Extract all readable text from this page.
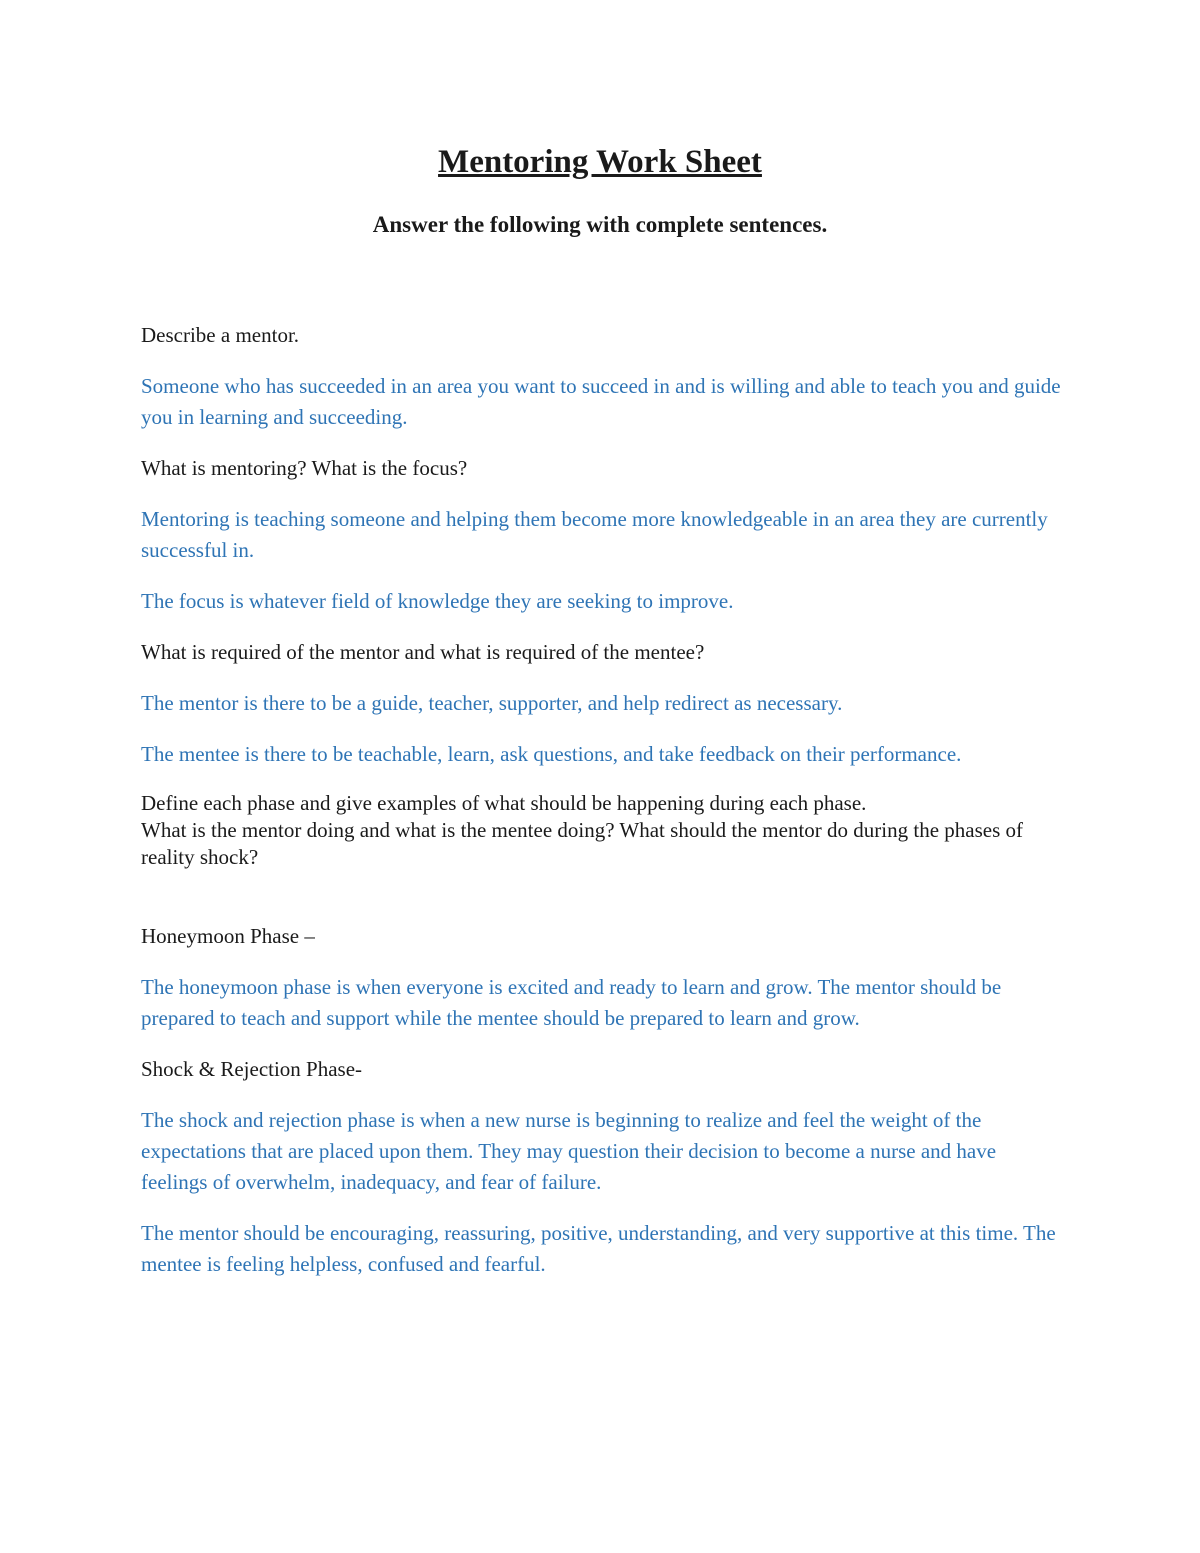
Mentoring Work Sheet
Answer the following with complete sentences.

Describe a mentor.

Someone who has succeeded in an area you want to succeed in and is willing and able to teach you and guide you in learning and succeeding.

What is mentoring? What is the focus?

Mentoring is teaching someone and helping them become more knowledgeable in an area they are currently successful in.

The focus is whatever field of knowledge they are seeking to improve.

What is required of the mentor and what is required of the mentee?

The mentor is there to be a guide, teacher, supporter, and help redirect as necessary.

The mentee is there to be teachable, learn, ask questions, and take feedback on their performance.

Define each phase and give examples of what should be happening during each phase.
What is the mentor doing and what is the mentee doing? What should the mentor do during the phases of reality shock?

Honeymoon Phase –

The honeymoon phase is when everyone is excited and ready to learn and grow. The mentor should be prepared to teach and support while the mentee should be prepared to learn and grow.

Shock & Rejection Phase-

The shock and rejection phase is when a new nurse is beginning to realize and feel the weight of the expectations that are placed upon them. They may question their decision to become a nurse and have feelings of overwhelm, inadequacy, and fear of failure.

The mentor should be encouraging, reassuring, positive, understanding, and very supportive at this time. The mentee is feeling helpless, confused and fearful.
